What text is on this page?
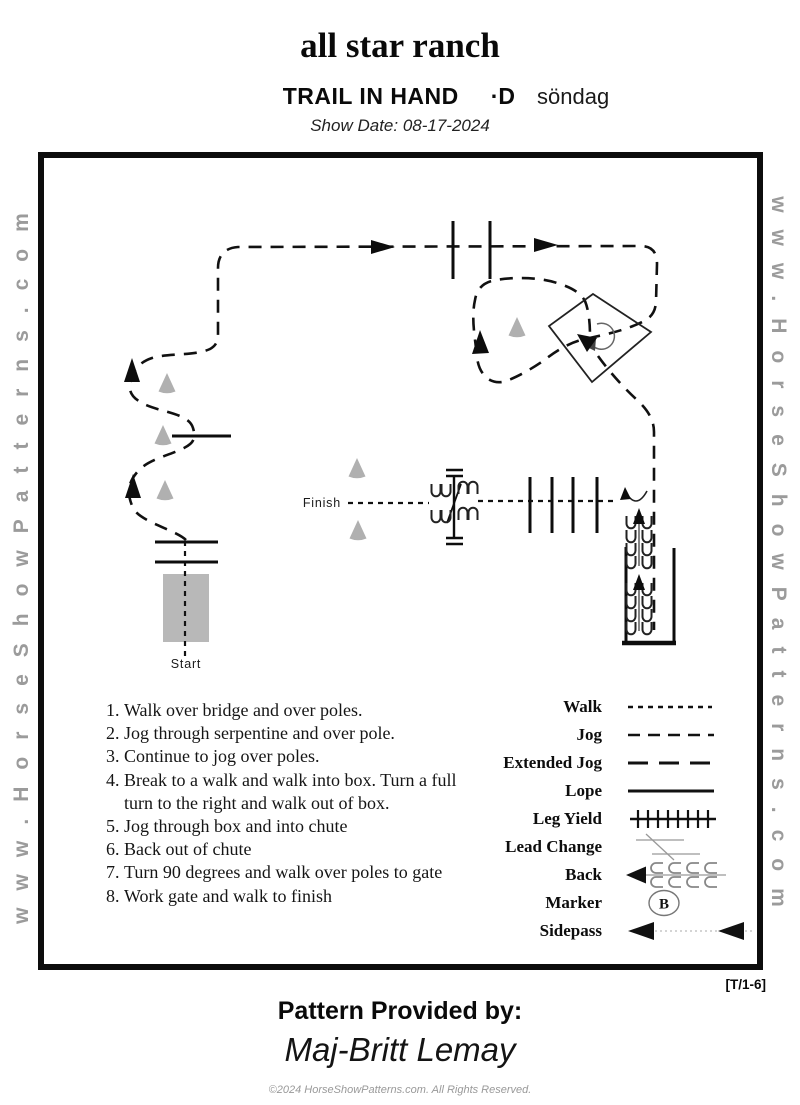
all star ranch
TRAIL IN HAND ·D söndag
Show Date: 08-17-2024
www.HorseShowPatterns.com	www.HorseShowPatterns.com
Start
Finish
1. Walk over bridge and over poles.
2. Jog through serpentine and over pole.
3. Continue to jog over poles.
4. Break to a walk and walk into box. Turn a full turn to the right and walk out of box.
5. Jog through box and into chute
6. Back out of chute
7. Turn 90 degrees and walk over poles to gate
8. Work gate and walk to finish
Walk
Jog
Extended Jog
Lope
Leg Yield
Lead Change
Back
Marker	B
Sidepass
[T/1-6]
Pattern Provided by:
Maj-Britt Lemay
©2024 HorseShowPatterns.com. All Rights Reserved.
